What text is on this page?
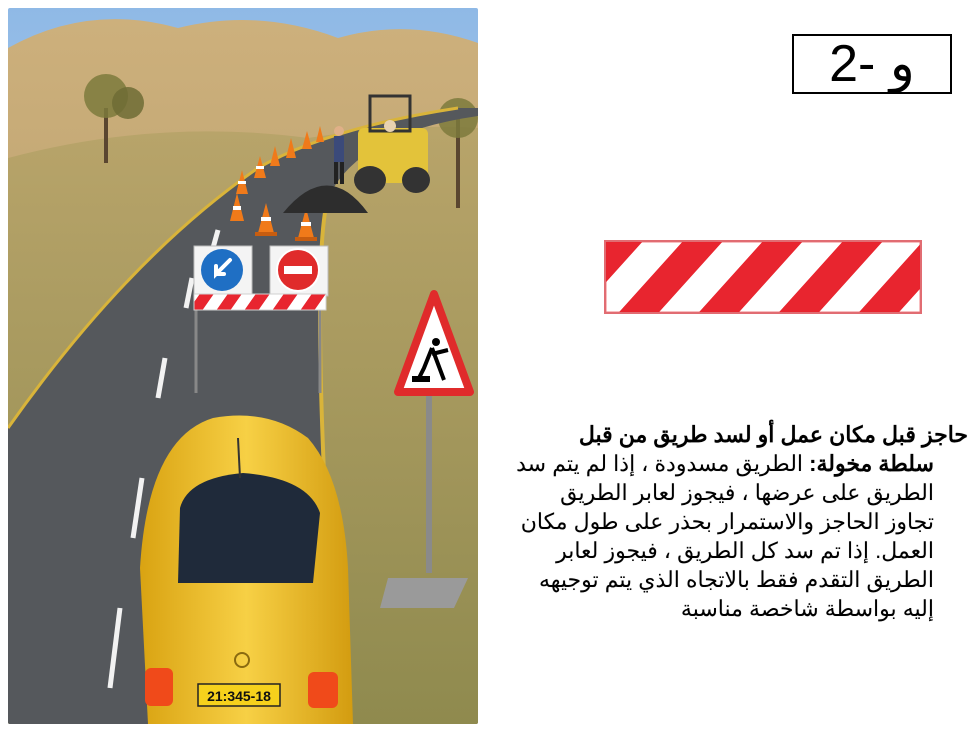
21:345-18
و -2
حاجز قبل مكان عمل أو لسد طريق من قبل
سلطة مخولة: الطريق مسدودة ، إذا لم يتم سد الطريق على عرضها ، فيجوز لعابر الطريق تجاوز الحاجز والاستمرار بحذر على طول مكان العمل. إذا تم سد كل الطريق ، فيجوز لعابر الطريق التقدم فقط بالاتجاه الذي يتم توجيهه إليه بواسطة شاخصة مناسبة
